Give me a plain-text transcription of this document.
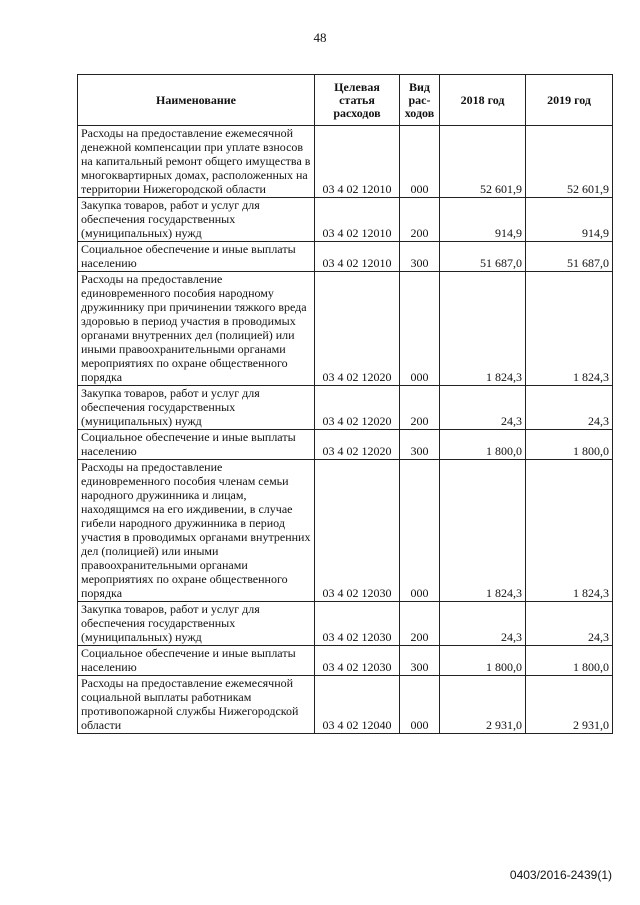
48
Наименование	Целевая статья расходов	Вид рас-ходов	2018 год	2019 год
Расходы на предоставление ежемесячной денежной компенсации при уплате взносов на капитальный ремонт общего имущества в многоквартирных домах, расположенных на территории Нижегородской области	03 4 02 12010	000	52 601,9	52 601,9
Закупка товаров, работ и услуг для обеспечения государственных (муниципальных) нужд	03 4 02 12010	200	914,9	914,9
Социальное обеспечение и иные выплаты населению	03 4 02 12010	300	51 687,0	51 687,0
Расходы на предоставление единовременного пособия народному дружиннику при причинении тяжкого вреда здоровью в период участия в проводимых органами внутренних дел (полицией) или иными правоохранительными органами мероприятиях по охране общественного порядка	03 4 02 12020	000	1 824,3	1 824,3
Закупка товаров, работ и услуг для обеспечения государственных (муниципальных) нужд	03 4 02 12020	200	24,3	24,3
Социальное обеспечение и иные выплаты населению	03 4 02 12020	300	1 800,0	1 800,0
Расходы на предоставление единовременного пособия членам семьи народного дружинника и лицам, находящимся на его иждивении, в случае гибели народного дружинника в период участия в проводимых органами внутренних дел (полицией) или иными правоохранительными органами мероприятиях по охране общественного порядка	03 4 02 12030	000	1 824,3	1 824,3
Закупка товаров, работ и услуг для обеспечения государственных (муниципальных) нужд	03 4 02 12030	200	24,3	24,3
Социальное обеспечение и иные выплаты населению	03 4 02 12030	300	1 800,0	1 800,0
Расходы на предоставление ежемесячной социальной выплаты работникам противопожарной службы Нижегородской области	03 4 02 12040	000	2 931,0	2 931,0
0403/2016-2439(1)
